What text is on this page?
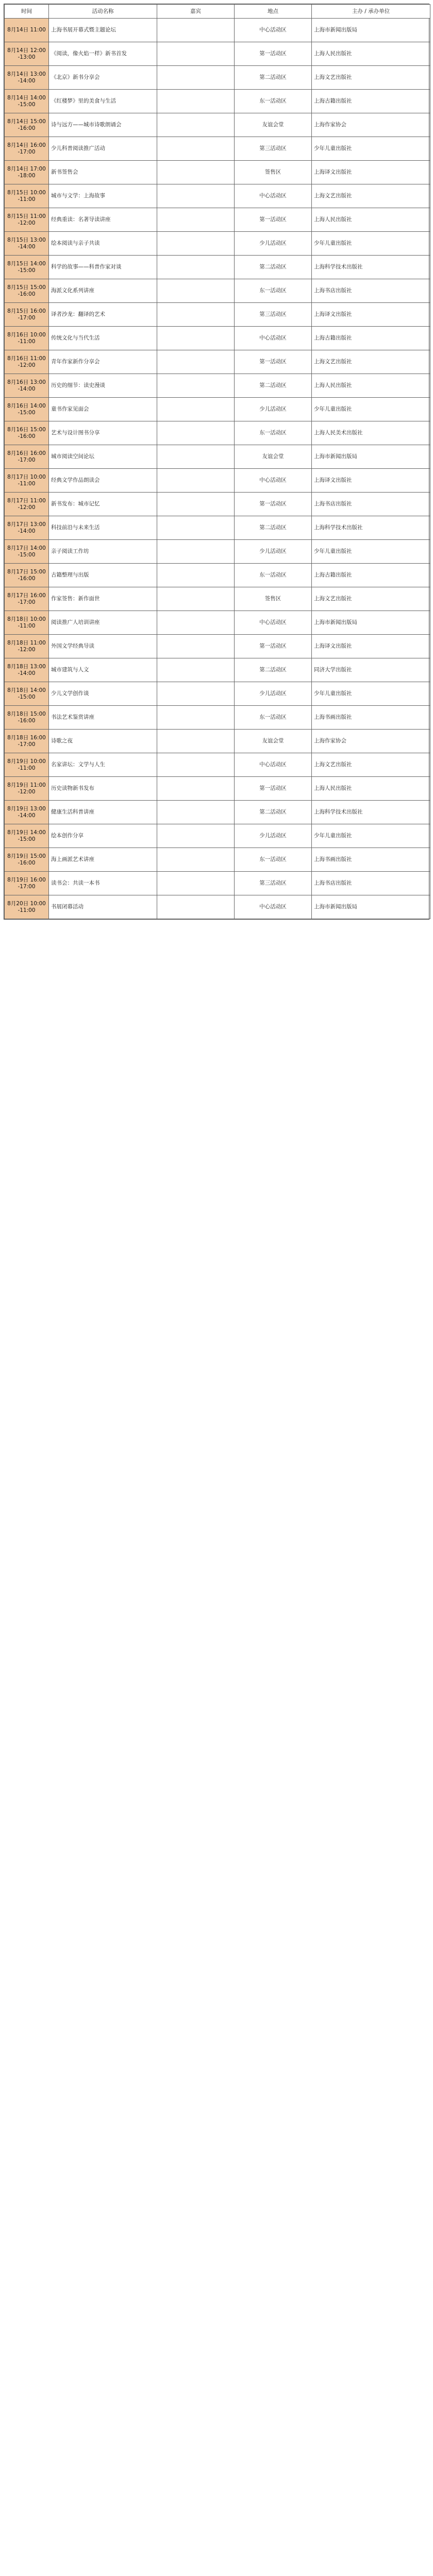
时间	活动名称	嘉宾	地点	主办 / 承办单位
8月14日 11:00	上海书展开幕式暨主题论坛		中心活动区	上海市新闻出版局
8月14日 12:00-13:00	《阅读，像火焰一样》新书首发		第一活动区	上海人民出版社
8月14日 13:00-14:00	《北京》新书分享会		第二活动区	上海文艺出版社
8月14日 14:00-15:00	《红楼梦》里的美食与生活		东一活动区	上海古籍出版社
8月14日 15:00-16:00	诗与远方——城市诗歌朗诵会		友谊会堂	上海作家协会
8月14日 16:00-17:00	少儿科普阅读推广活动		第三活动区	少年儿童出版社
8月14日 17:00-18:00	新书签售会		签售区	上海译文出版社
8月15日 10:00-11:00	城市与文学：上海故事		中心活动区	上海文艺出版社
8月15日 11:00-12:00	经典重读：名著导读讲座		第一活动区	上海人民出版社
8月15日 13:00-14:00	绘本阅读与亲子共读		少儿活动区	少年儿童出版社
8月15日 14:00-15:00	科学的故事——科普作家对谈		第二活动区	上海科学技术出版社
8月15日 15:00-16:00	海派文化系列讲座		东一活动区	上海书店出版社
8月15日 16:00-17:00	译者沙龙：翻译的艺术		第三活动区	上海译文出版社
8月16日 10:00-11:00	传统文化与当代生活		中心活动区	上海古籍出版社
8月16日 11:00-12:00	青年作家新作分享会		第一活动区	上海文艺出版社
8月16日 13:00-14:00	历史的细节：读史漫谈		第二活动区	上海人民出版社
8月16日 14:00-15:00	童书作家见面会		少儿活动区	少年儿童出版社
8月16日 15:00-16:00	艺术与设计图书分享		东一活动区	上海人民美术出版社
8月16日 16:00-17:00	城市阅读空间论坛		友谊会堂	上海市新闻出版局
8月17日 10:00-11:00	经典文学作品朗读会		中心活动区	上海译文出版社
8月17日 11:00-12:00	新书发布：城市记忆		第一活动区	上海书店出版社
8月17日 13:00-14:00	科技前沿与未来生活		第二活动区	上海科学技术出版社
8月17日 14:00-15:00	亲子阅读工作坊		少儿活动区	少年儿童出版社
8月17日 15:00-16:00	古籍整理与出版		东一活动区	上海古籍出版社
8月17日 16:00-17:00	作家签售：新作面世		签售区	上海文艺出版社
8月18日 10:00-11:00	阅读推广人培训讲座		中心活动区	上海市新闻出版局
8月18日 11:00-12:00	外国文学经典导读		第一活动区	上海译文出版社
8月18日 13:00-14:00	城市建筑与人文		第二活动区	同济大学出版社
8月18日 14:00-15:00	少儿文学创作谈		少儿活动区	少年儿童出版社
8月18日 15:00-16:00	书法艺术鉴赏讲座		东一活动区	上海书画出版社
8月18日 16:00-17:00	诗歌之夜		友谊会堂	上海作家协会
8月19日 10:00-11:00	名家讲坛：文学与人生		中心活动区	上海文艺出版社
8月19日 11:00-12:00	历史读物新书发布		第一活动区	上海人民出版社
8月19日 13:00-14:00	健康生活科普讲座		第二活动区	上海科学技术出版社
8月19日 14:00-15:00	绘本创作分享		少儿活动区	少年儿童出版社
8月19日 15:00-16:00	海上画派艺术讲座		东一活动区	上海书画出版社
8月19日 16:00-17:00	读书会：共读一本书		第三活动区	上海书店出版社
8月20日 10:00-11:00	书展闭幕活动		中心活动区	上海市新闻出版局
